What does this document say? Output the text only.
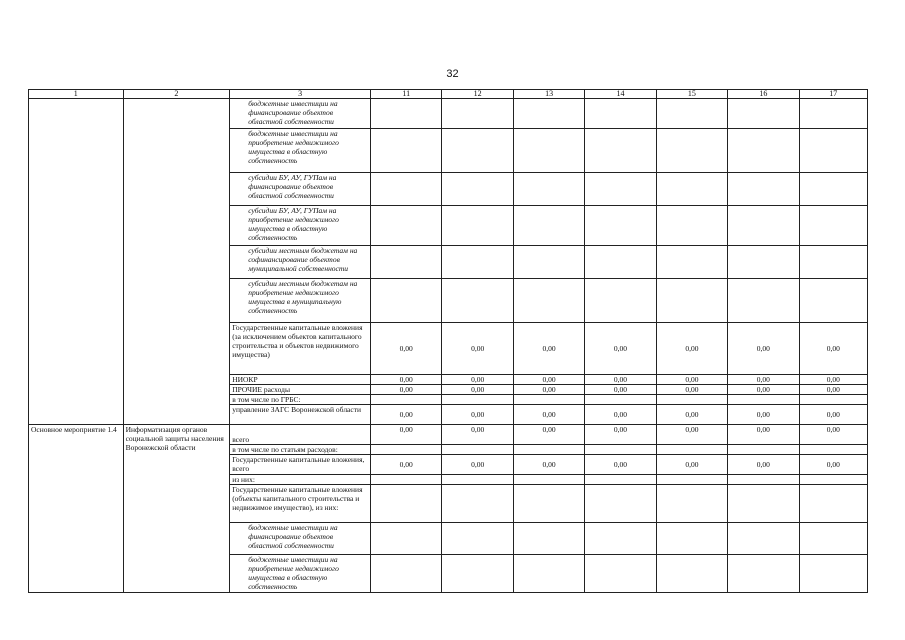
32
1	2	3	11	12	13	14	15	16	17
		бюджетные инвестиции на финансирование объектов областной собственности							
		бюджетные инвестиции на приобретение недвижимого имущества в областную собственность							
		субсидии БУ, АУ, ГУПам на финансирование объектов областной собственности							
		субсидии БУ, АУ, ГУПам на приобретение недвижимого имущества в областную собственность							
		субсидии местным бюджетам на софинансирование объектов муниципальной собственности							
		субсидии местным бюджетам на приобретение недвижимого имущества в муниципальную собственность							
		Государственные капитальные вложения (за исключением объектов капитального строительства и объектов недвижимого имущества)	0,00	0,00	0,00	0,00	0,00	0,00	0,00
		НИОКР	0,00	0,00	0,00	0,00	0,00	0,00	0,00
		ПРОЧИЕ расходы	0,00	0,00	0,00	0,00	0,00	0,00	0,00
		в том числе по ГРБС:							
		управление ЗАГС Воронежской области	0,00	0,00	0,00	0,00	0,00	0,00	0,00
Основное мероприятие 1.4	Информатизация органов социальной защиты населения Воронежской области	всего	0,00	0,00	0,00	0,00	0,00	0,00	0,00
		в том числе по статьям расходов:							
		Государственные капитальные вложения, всего	0,00	0,00	0,00	0,00	0,00	0,00	0,00
		из них:							
		Государственные капитальные вложения (объекты капитального строительства и недвижимое имущество), из них:							
		бюджетные инвестиции на финансирование объектов областной собственности							
		бюджетные инвестиции на приобретение недвижимого имущества в областную собственность							
